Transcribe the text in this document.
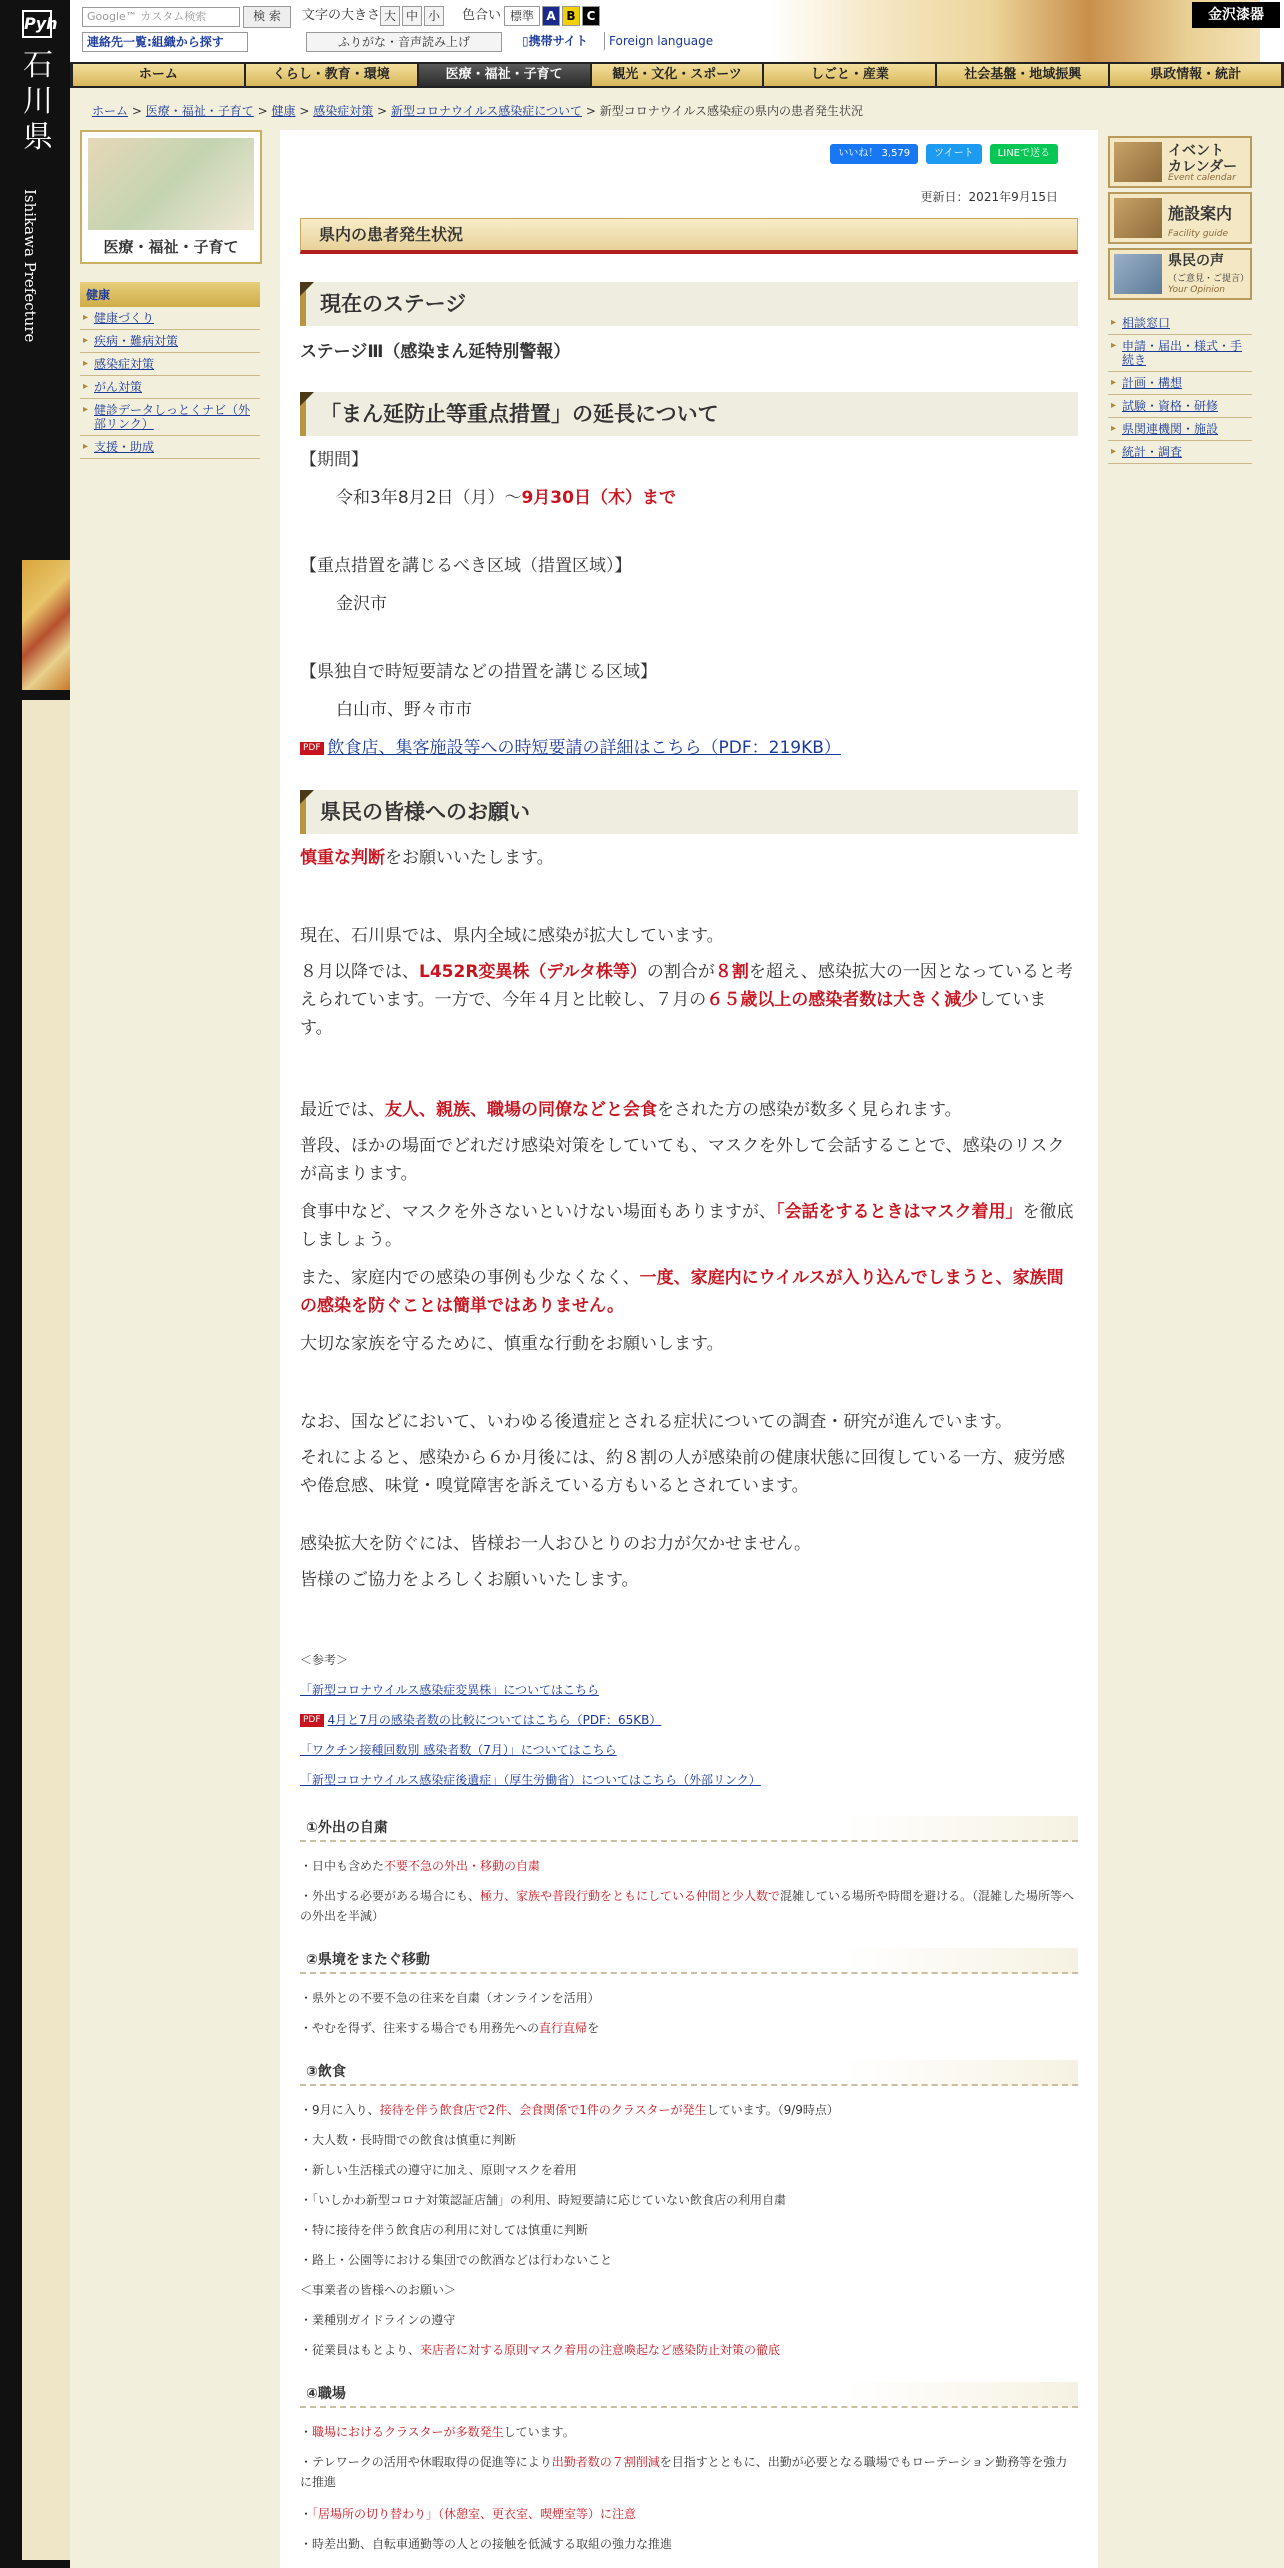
Pyh
石川県
Ishikawa Prefecture
金沢漆器
Google™ カスタム検索	検 索
連絡先一覧:組織から探す
文字の大きさ 大 中 小	色合い 標準	A B C
ふりがな・音声読み上げ	▯携帯サイト	Foreign language
ホーム	くらし・教育・環境	医療・福祉・子育て	観光・文化・スポーツ	しごと・産業	社会基盤・地域振興	県政情報・統計
ホーム > 医療・福祉・子育て > 健康 > 感染症対策 > 新型コロナウイルス感染症について > 新型コロナウイルス感染症の県内の患者発生状況
医療・福祉・子育て
健康
▸ 健康づくり
▸ 疾病・難病対策
▸ 感染症対策
▸ がん対策
▸ 健診データしっとくナビ（外部リンク）
▸ 支援・助成
イベント
カレンダー
Event calendar
施設案内
Facility guide
県民の声
（ご意見・ご提言）
Your Opinion
▸ 相談窓口
▸ 申請・届出・様式・手続き
▸ 計画・構想
▸ 試験・資格・研修
▸ 県関連機関・施設
▸ 統計・調査
いいね！ 3,579	ツイート	LINEで送る
更新日：2021年9月15日
県内の患者発生状況
現在のステージ
ステージⅢ（感染まん延特別警報）
「まん延防止等重点措置」の延長について
【期間】
令和3年8月2日（月）～9月30日（木）まで
【重点措置を講じるべき区域（措置区域）】
金沢市
【県独自で時短要請などの措置を講じる区域】
白山市、野々市市
PDF 飲食店、集客施設等への時短要請の詳細はこちら（PDF：219KB）
県民の皆様へのお願い
慎重な判断をお願いいたします。
現在、石川県では、県内全域に感染が拡大しています。
８月以降では、L452R変異株（デルタ株等）の割合が８割を超え、感染拡大の一因となっていると考えられています。一方で、今年４月と比較し、７月の６５歳以上の感染者数は大きく減少しています。
最近では、友人、親族、職場の同僚などと会食をされた方の感染が数多く見られます。
普段、ほかの場面でどれだけ感染対策をしていても、マスクを外して会話することで、感染のリスクが高まります。
食事中など、マスクを外さないといけない場面もありますが、「会話をするときはマスク着用」を徹底しましょう。
また、家庭内での感染の事例も少なくなく、一度、家庭内にウイルスが入り込んでしまうと、家族間の感染を防ぐことは簡単ではありません。
大切な家族を守るために、慎重な行動をお願いします。
なお、国などにおいて、いわゆる後遺症とされる症状についての調査・研究が進んでいます。
それによると、感染から６か月後には、約８割の人が感染前の健康状態に回復している一方、疲労感や倦怠感、味覚・嗅覚障害を訴えている方もいるとされています。
感染拡大を防ぐには、皆様お一人おひとりのお力が欠かせません。
皆様のご協力をよろしくお願いいたします。
＜参考＞
「新型コロナウイルス感染症変異株」についてはこちら
PDF 4月と7月の感染者数の比較についてはこちら（PDF：65KB）
「ワクチン接種回数別 感染者数（7月）」についてはこちら
「新型コロナウイルス感染症後遺症」（厚生労働省）についてはこちら（外部リンク）
①外出の自粛
・日中も含めた不要不急の外出・移動の自粛
・外出する必要がある場合にも、極力、家族や普段行動をともにしている仲間と少人数で混雑している場所や時間を避ける。（混雑した場所等への外出を半減）
②県境をまたぐ移動
・県外との不要不急の往来を自粛（オンラインを活用）
・やむを得ず、往来する場合でも用務先への直行直帰を
③飲食
・9月に入り、接待を伴う飲食店で2件、会食関係で1件のクラスターが発生しています。（9/9時点）
・大人数・長時間での飲食は慎重に判断
・新しい生活様式の遵守に加え、原則マスクを着用
・「いしかわ新型コロナ対策認証店舗」の利用、時短要請に応じていない飲食店の利用自粛
・特に接待を伴う飲食店の利用に対しては慎重に判断
・路上・公園等における集団での飲酒などは行わないこと
＜事業者の皆様へのお願い＞
・業種別ガイドラインの遵守
・従業員はもとより、来店者に対する原則マスク着用の注意喚起など感染防止対策の徹底
④職場
・職場におけるクラスターが多数発生しています。
・テレワークの活用や休暇取得の促進等により出勤者数の７割削減を目指すとともに、出勤が必要となる職場でもローテーション勤務等を強力に推進
・「居場所の切り替わり」（休憩室、更衣室、喫煙室等）に注意
・時差出勤、自転車通勤等の人との接触を低減する取組の強力な推進
